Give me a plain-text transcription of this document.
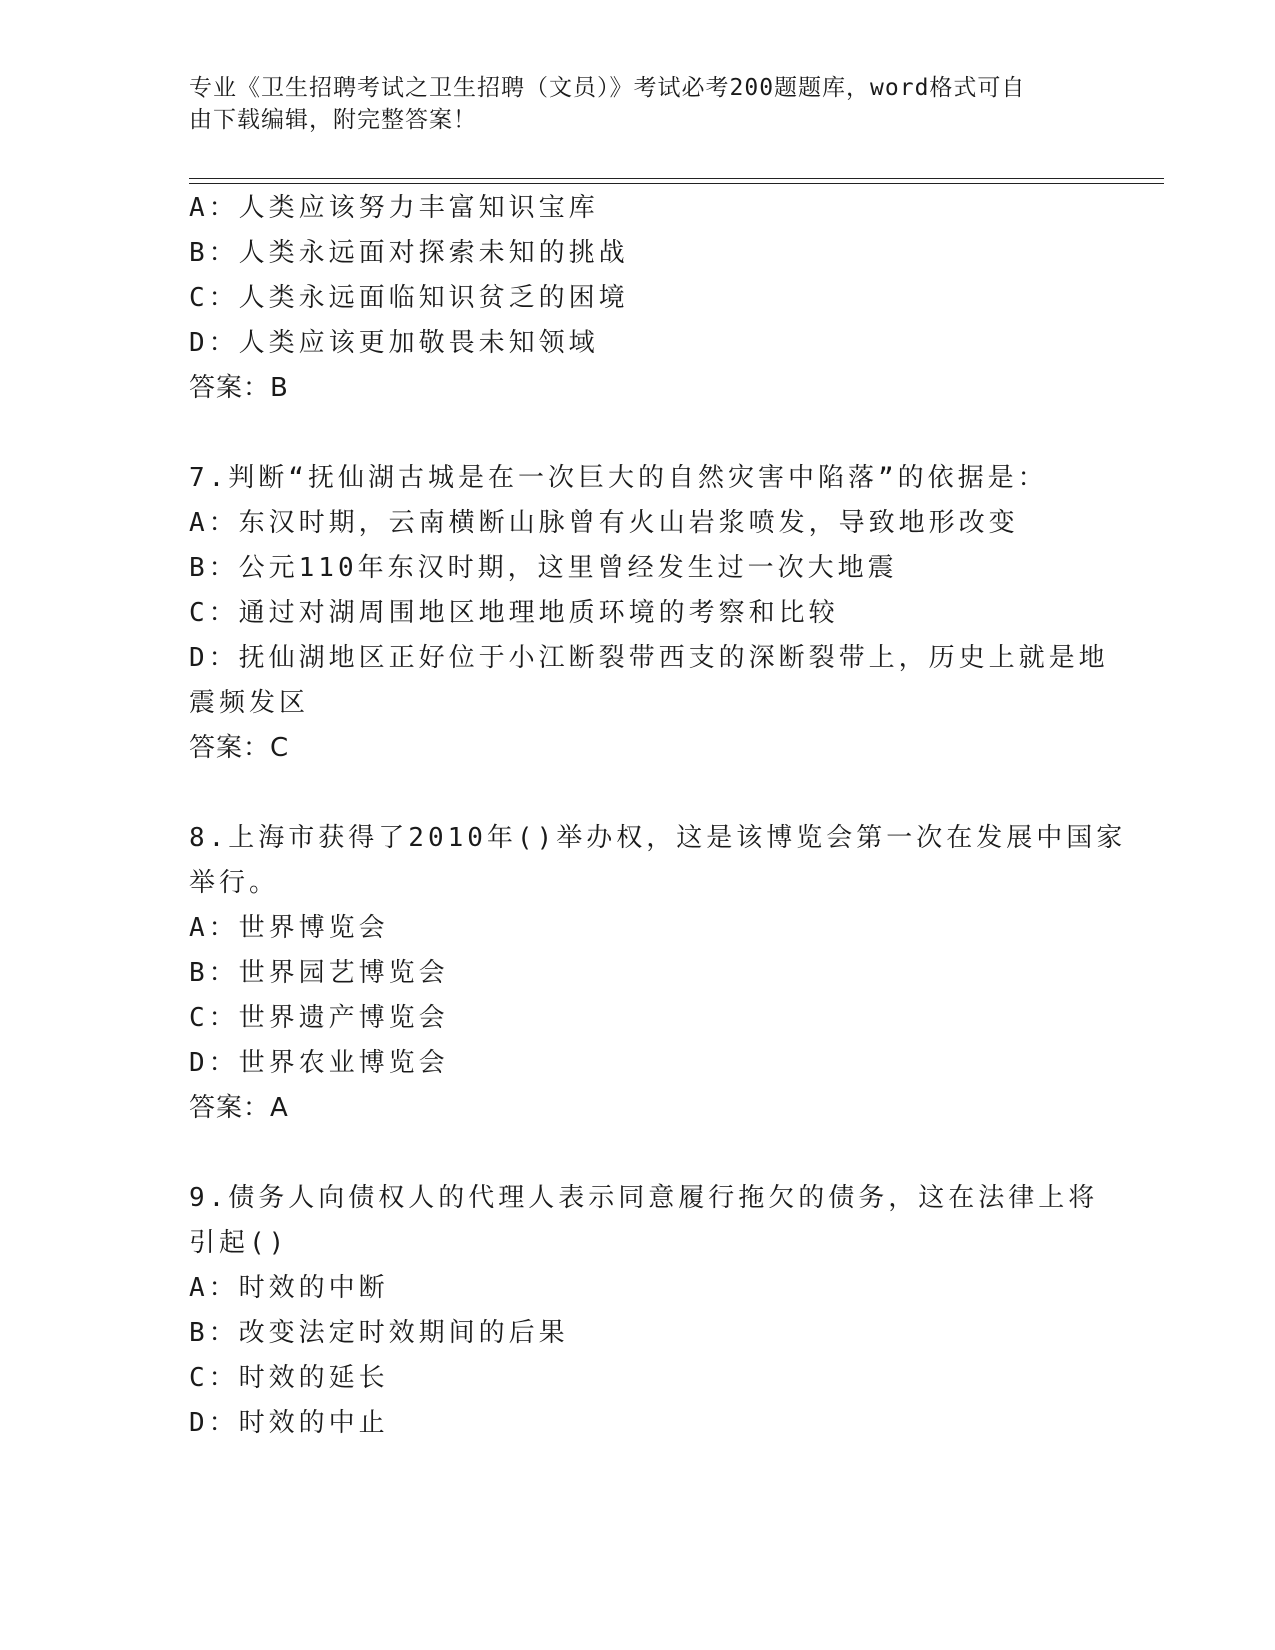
专业《卫生招聘考试之卫生招聘（文员）》考试必考200题题库，word格式可自
由下载编辑，附完整答案！
A：人类应该努力丰富知识宝库
B：人类永远面对探索未知的挑战
C：人类永远面临知识贫乏的困境
D：人类应该更加敬畏未知领域
答案：B
7.判断“抚仙湖古城是在一次巨大的自然灾害中陷落”的依据是：
A：东汉时期，云南横断山脉曾有火山岩浆喷发，导致地形改变
B：公元110年东汉时期，这里曾经发生过一次大地震
C：通过对湖周围地区地理地质环境的考察和比较
D：抚仙湖地区正好位于小江断裂带西支的深断裂带上，历史上就是地
震频发区
答案：C
8.上海市获得了2010年()举办权，这是该博览会第一次在发展中国家
举行。
A：世界博览会
B：世界园艺博览会
C：世界遗产博览会
D：世界农业博览会
答案：A
9.债务人向债权人的代理人表示同意履行拖欠的债务，这在法律上将
引起()
A：时效的中断
B：改变法定时效期间的后果
C：时效的延长
D：时效的中止
